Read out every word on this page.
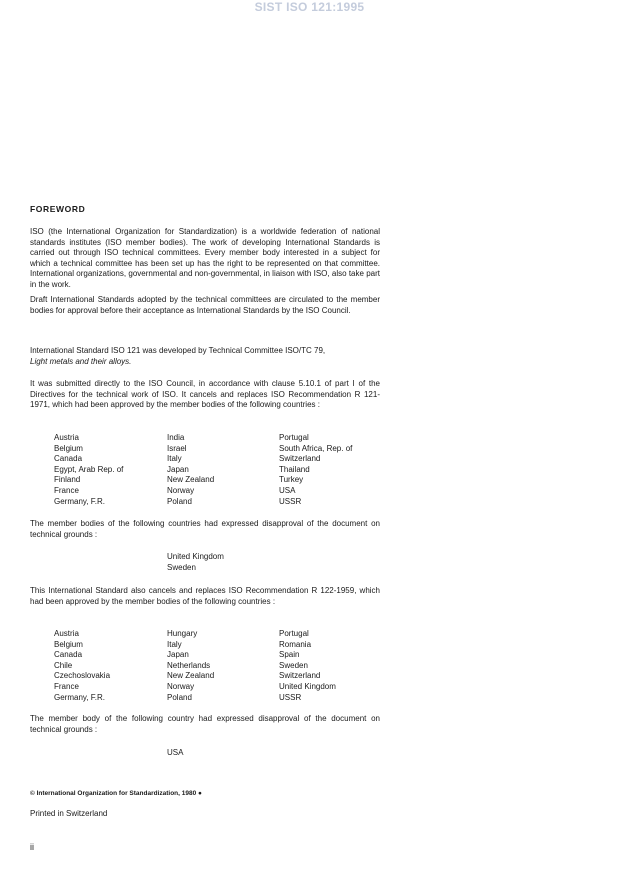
SIST ISO 121:1995
FOREWORD
ISO (the International Organization for Standardization) is a worldwide federation of national standards institutes (ISO member bodies). The work of developing International Standards is carried out through ISO technical committees. Every member body interested in a subject for which a technical committee has been set up has the right to be represented on that committee. International organizations, governmental and non-governmental, in liaison with ISO, also take part in the work.
Draft International Standards adopted by the technical committees are circulated to the member bodies for approval before their acceptance as International Standards by the ISO Council.
International Standard ISO 121 was developed by Technical Committee ISO/TC 79,
Light metals and their alloys.
It was submitted directly to the ISO Council, in accordance with clause 5.10.1 of part I of the Directives for the technical work of ISO. It cancels and replaces ISO Recommendation R 121-1971, which had been approved by the member bodies of the following countries :
Austria
Belgium
Canada
Egypt, Arab Rep. of
Finland
France
Germany, F.R.
India
Israel
Italy
Japan
New Zealand
Norway
Poland
Portugal
South Africa, Rep. of
Switzerland
Thailand
Turkey
USA
USSR
The member bodies of the following countries had expressed disapproval of the document on technical grounds :
United Kingdom
Sweden
This International Standard also cancels and replaces ISO Recommendation R 122-1959, which had been approved by the member bodies of the following countries :
Austria
Belgium
Canada
Chile
Czechoslovakia
France
Germany, F.R.
Hungary
Italy
Japan
Netherlands
New Zealand
Norway
Poland
Portugal
Romania
Spain
Sweden
Switzerland
United Kingdom
USSR
The member body of the following country had expressed disapproval of the document on technical grounds :
USA
© International Organization for Standardization, 1980 ●
Printed in Switzerland
ii
